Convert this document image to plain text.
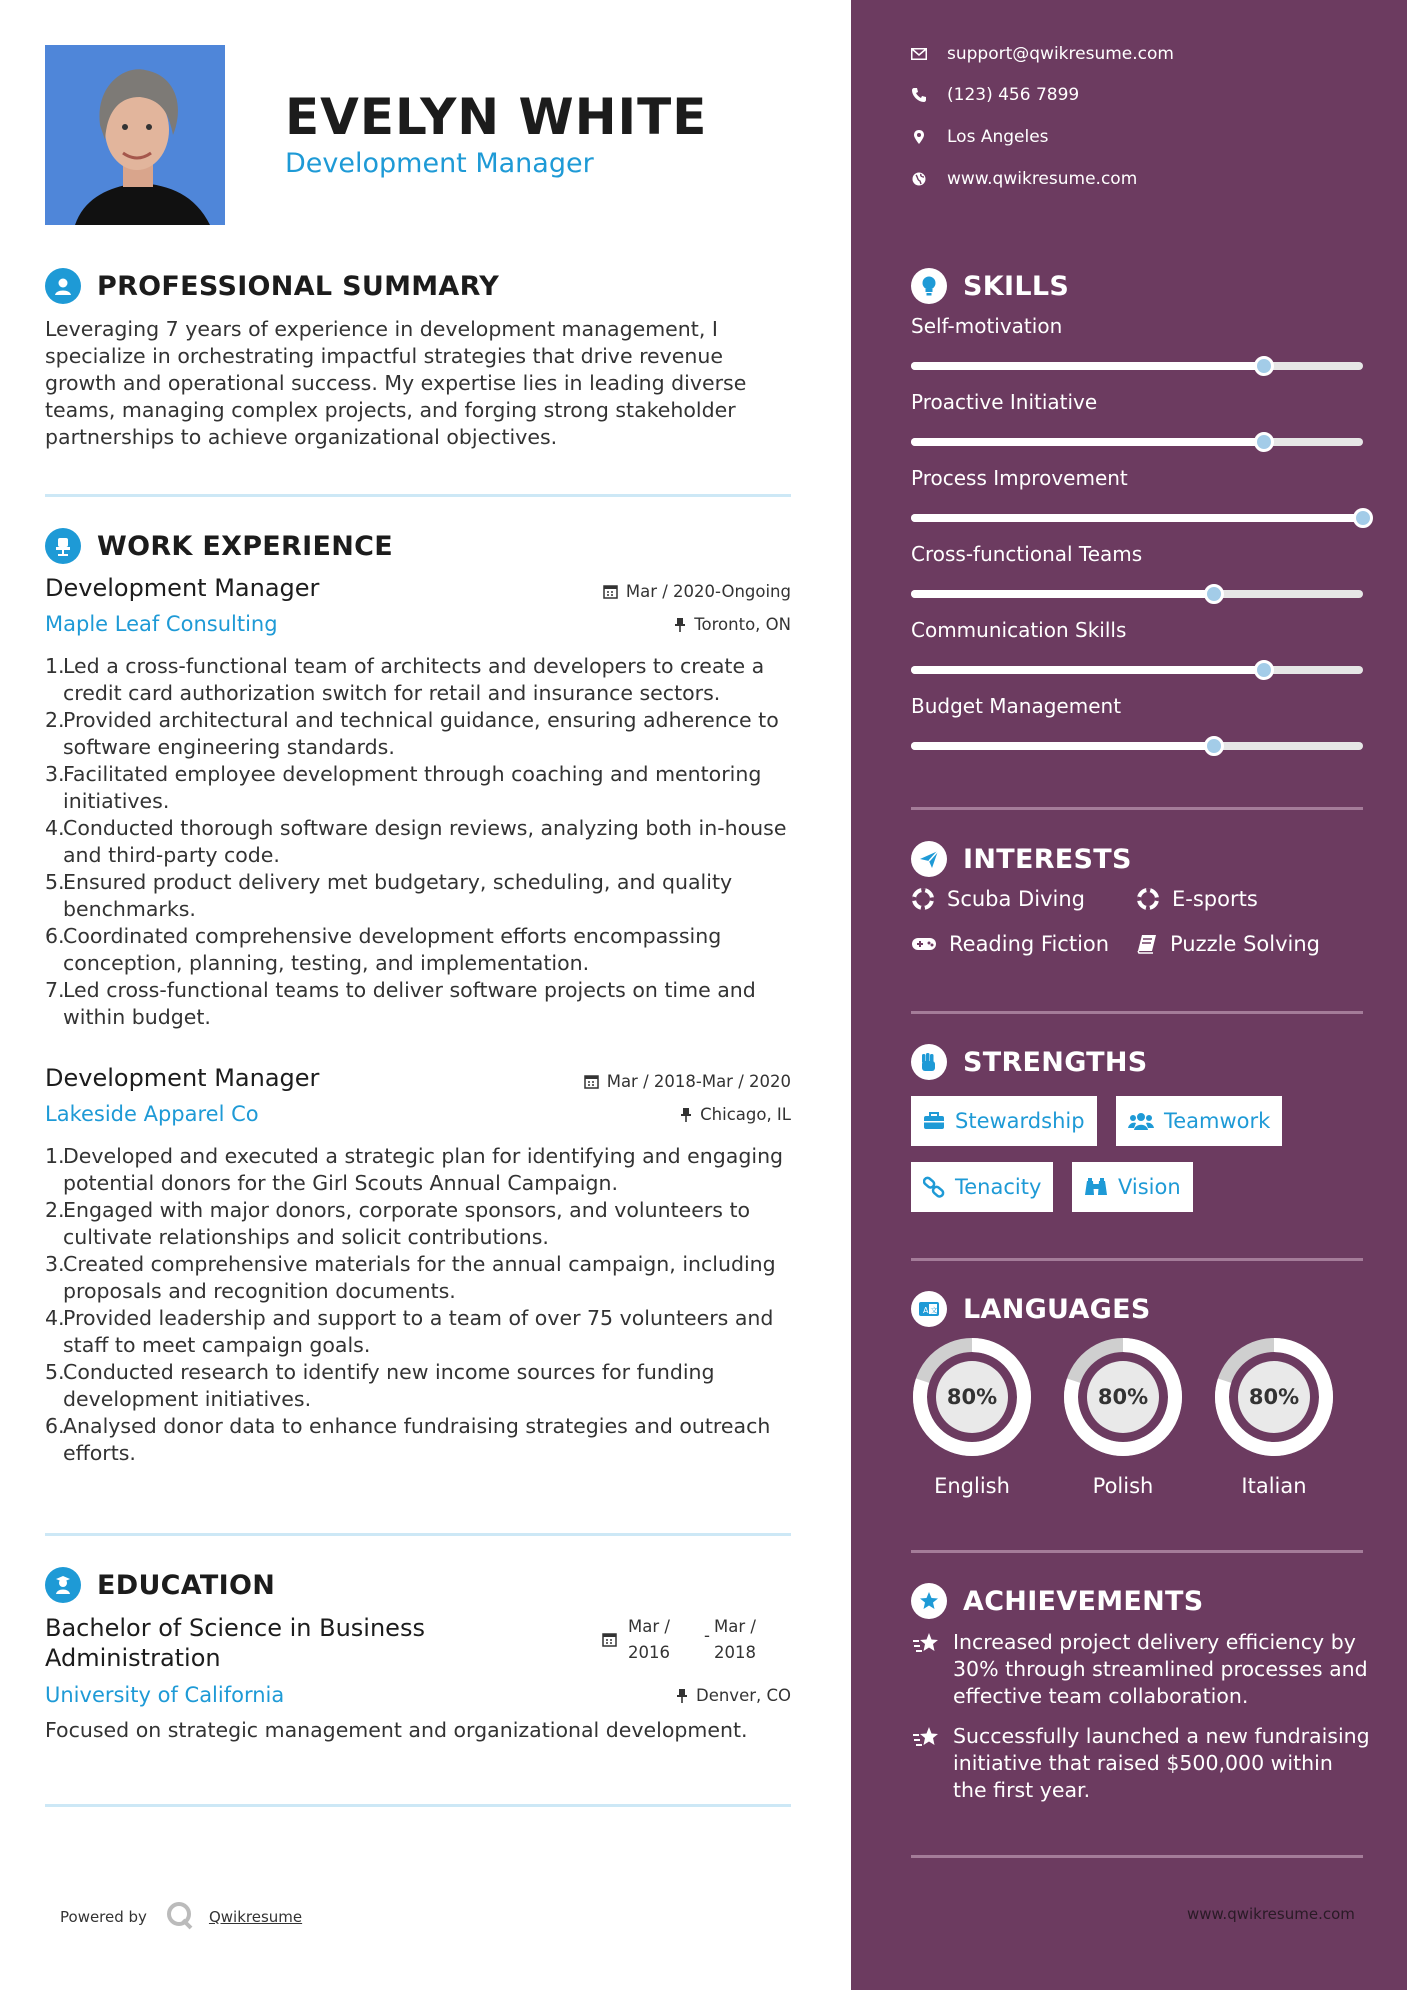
EVELYN WHITE
Development Manager
PROFESSIONAL SUMMARY
Leveraging 7 years of experience in development management, I specialize in orchestrating impactful strategies that drive revenue growth and operational success. My expertise lies in leading diverse teams, managing complex projects, and forging strong stakeholder partnerships to achieve organizational objectives.
WORK EXPERIENCE
Development Manager
Maple Leaf Consulting
Mar / 2020-Ongoing
Toronto, ON
1.
Led a cross-functional team of architects and developers to create a credit card authorization switch for retail and insurance sectors.
2.
Provided architectural and technical guidance, ensuring adherence to software engineering standards.
3.
Facilitated employee development through coaching and mentoring initiatives.
4.
Conducted thorough software design reviews, analyzing both in-house and third-party code.
5.
Ensured product delivery met budgetary, scheduling, and quality benchmarks.
6.
Coordinated comprehensive development efforts encompassing conception, planning, testing, and implementation.
7.
Led cross-functional teams to deliver software projects on time and within budget.
Development Manager
Lakeside Apparel Co
Mar / 2018-Mar / 2020
Chicago, IL
1.
Developed and executed a strategic plan for identifying and engaging potential donors for the Girl Scouts Annual Campaign.
2.
Engaged with major donors, corporate sponsors, and volunteers to cultivate relationships and solicit contributions.
3.
Created comprehensive materials for the annual campaign, including proposals and recognition documents.
4.
Provided leadership and support to a team of over 75 volunteers and staff to meet campaign goals.
5.
Conducted research to identify new income sources for funding development initiatives.
6.
Analysed donor data to enhance fundraising strategies and outreach efforts.
EDUCATION
Bachelor of Science in Business
Administration
University of California
Mar /
2016
- Mar /
2018
Denver, CO
Focused on strategic management and organizational development.
Powered by	Qwikresume
support@qwikresume.com
(123) 456 7899
Los Angeles
www.qwikresume.com
SKILLS
Self-motivation
Proactive Initiative
Process Improvement
Cross-functional Teams
Communication Skills
Budget Management
INTERESTS
Scuba Diving	E-sports
Reading Fiction	Puzzle Solving
STRENGTHS
Stewardship	Teamwork
Tenacity	Vision
A 文 LANGUAGES
80%
English
80%
Polish
80%
Italian
ACHIEVEMENTS
Increased project delivery efficiency by 30% through streamlined processes and effective team collaboration.
Successfully launched a new fundraising initiative that raised $500,000 within the first year.
www.qwikresume.com
